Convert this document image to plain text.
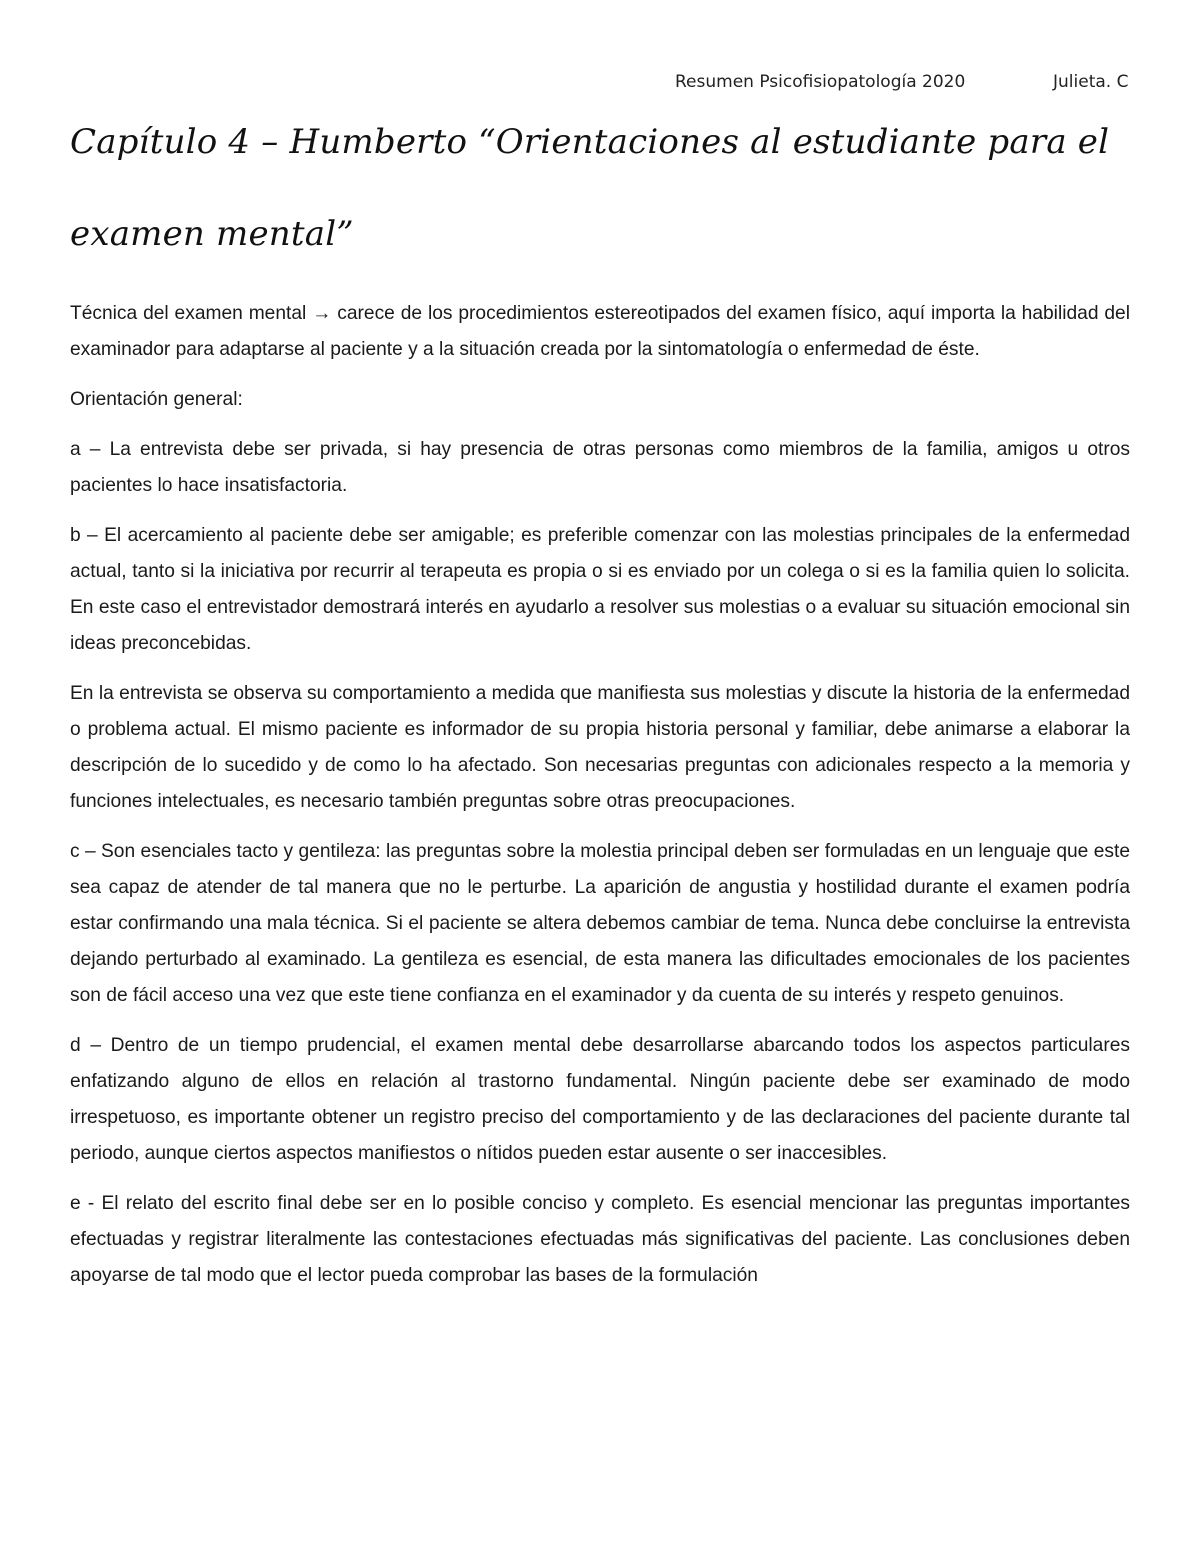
Resumen Psicofisiopatología 2020	Julieta. C
Capítulo 4 – Humberto “Orientaciones al estudiante para el examen mental”

Técnica del examen mental → carece de los procedimientos estereotipados del examen físico, aquí importa la habilidad del examinador para adaptarse al paciente y a la situación creada por la sintomatología o enfermedad de éste.

Orientación general:

a – La entrevista debe ser privada, si hay presencia de otras personas como miembros de la familia, amigos u otros pacientes lo hace insatisfactoria.

b – El acercamiento al paciente debe ser amigable; es preferible comenzar con las molestias principales de la enfermedad actual, tanto si la iniciativa por recurrir al terapeuta es propia o si es enviado por un colega o si es la familia quien lo solicita. En este caso el entrevistador demostrará interés en ayudarlo a resolver sus molestias o a evaluar su situación emocional sin ideas preconcebidas.

En la entrevista se observa su comportamiento a medida que manifiesta sus molestias y discute la historia de la enfermedad o problema actual. El mismo paciente es informador de su propia historia personal y familiar, debe animarse a elaborar la descripción de lo sucedido y de como lo ha afectado. Son necesarias preguntas con adicionales respecto a la memoria y funciones intelectuales, es necesario también preguntas sobre otras preocupaciones.

c – Son esenciales tacto y gentileza: las preguntas sobre la molestia principal deben ser formuladas en un lenguaje que este sea capaz de atender de tal manera que no le perturbe. La aparición de angustia y hostilidad durante el examen podría estar confirmando una mala técnica. Si el paciente se altera debemos cambiar de tema. Nunca debe concluirse la entrevista dejando perturbado al examinado. La gentileza es esencial, de esta manera las dificultades emocionales de los pacientes son de fácil acceso una vez que este tiene confianza en el examinador y da cuenta de su interés y respeto genuinos.

d – Dentro de un tiempo prudencial, el examen mental debe desarrollarse abarcando todos los aspectos particulares enfatizando alguno de ellos en relación al trastorno fundamental. Ningún paciente debe ser examinado de modo irrespetuoso, es importante obtener un registro preciso del comportamiento y de las declaraciones del paciente durante tal periodo, aunque ciertos aspectos manifiestos o nítidos pueden estar ausente o ser inaccesibles.

e - El relato del escrito final debe ser en lo posible conciso y completo. Es esencial mencionar las preguntas importantes efectuadas y registrar literalmente las contestaciones efectuadas más significativas del paciente. Las conclusiones deben apoyarse de tal modo que el lector pueda comprobar las bases de la formulación
